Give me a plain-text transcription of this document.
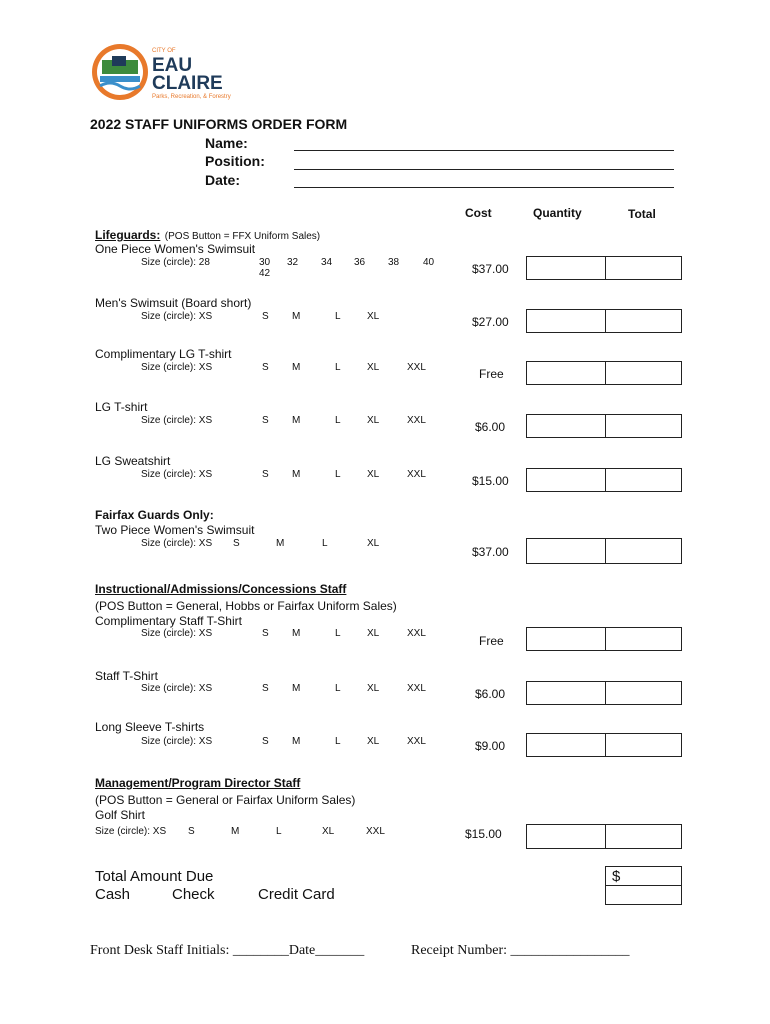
CITY OF
EAU
CLAIRE
Parks, Recreation, & Forestry
2022 STAFF UNIFORMS ORDER FORM
Name:
Position:
Date:
Cost	Quantity	Total
Lifeguards: (POS Button = FFX Uniform Sales)
One Piece Women's Swimsuit
Size (circle): 28	30 32 34 36 38 40
42	$37.00
Men's Swimsuit (Board short)
Size (circle): XS	S M	L	XL	$27.00
Complimentary LG T-shirt
Size (circle): XS	S M	L	XL	XXL	Free
LG T-shirt
Size (circle): XS	S M	L	XL	XXL	$6.00
LG Sweatshirt
Size (circle): XS	S M	L	XL	XXL	$15.00
Fairfax Guards Only:
Two Piece Women's Swimsuit
Size (circle): XS S	M	L	XL
$37.00
Instructional/Admissions/Concessions Staff
(POS Button = General, Hobbs or Fairfax Uniform Sales)
Complimentary Staff T-Shirt
Size (circle): XS	S M	L	XL	XXL
Free
Staff T-Shirt
Size (circle): XS	S M	L	XL	XXL	$6.00
Long Sleeve T-shirts
Size (circle): XS	S M	L	XL	XXL	$9.00
Management/Program Director Staff
(POS Button = General or Fairfax Uniform Sales)
Golf Shirt
Size (circle): XS S	M	L	XL	XXL	$15.00
Total Amount Due	$
Cash	Check	Credit Card
Front Desk Staff Initials: ________Date_______	Receipt Number: _________________
